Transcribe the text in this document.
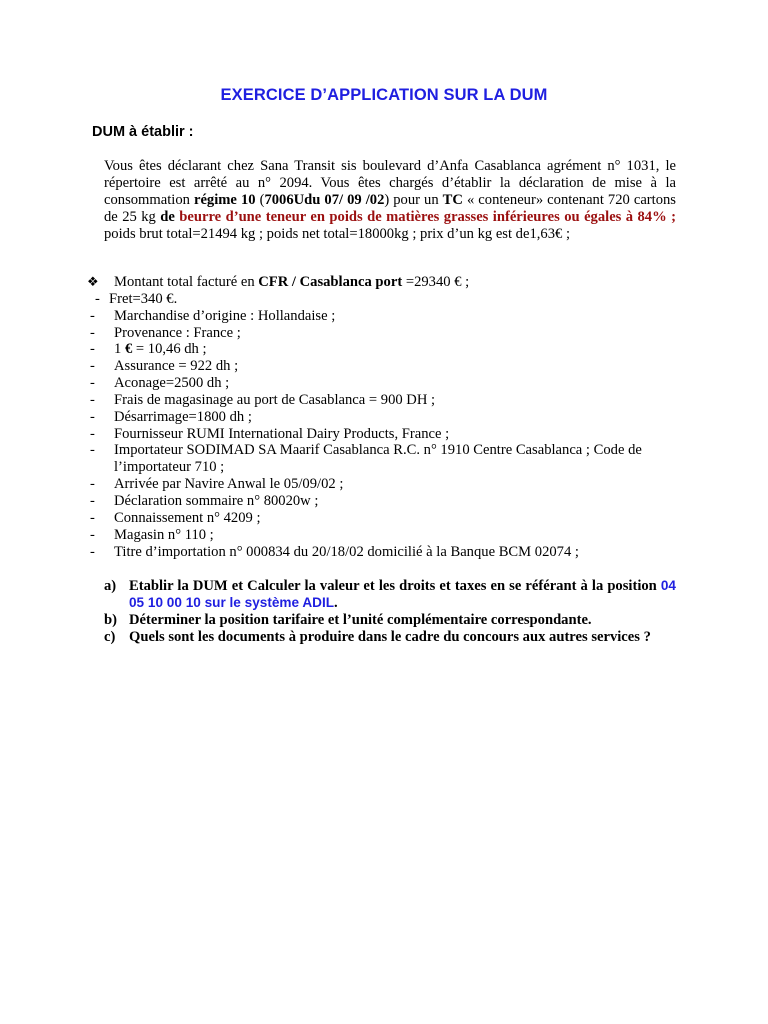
EXERCICE D’APPLICATION SUR LA DUM
DUM à établir :
Vous êtes déclarant chez Sana Transit sis boulevard d’Anfa Casablanca agrément n° 1031, le répertoire est arrêté au n° 2094. Vous êtes chargés d’établir la déclaration de mise à la consommation régime 10 (7006Udu 07/ 09 /02) pour un TC « conteneur» contenant 720 cartons de 25 kg de beurre d’une teneur en poids de matières grasses inférieures ou égales à 84% ; poids brut total=21494 kg ; poids net total=18000kg ; prix d’un kg est de1,63€ ;
❖ Montant total facturé en CFR / Casablanca port =29340 € ;
- Fret=340 €.
- Marchandise d’origine : Hollandaise ;
- Provenance : France ;
- 1 € = 10,46 dh ;
- Assurance = 922 dh ;
- Aconage=2500 dh ;
- Frais de magasinage au port de Casablanca = 900 DH ;
- Désarrimage=1800 dh ;
- Fournisseur RUMI International Dairy Products, France ;
- Importateur SODIMAD SA Maarif Casablanca R.C. n° 1910 Centre Casablanca ; Code de l’importateur 710 ;
- Arrivée par Navire Anwal le 05/09/02 ;
- Déclaration sommaire n° 80020w ;
- Connaissement n° 4209 ;
- Magasin n° 110 ;
- Titre d’importation n° 000834 du 20/18/02 domicilié à la Banque BCM 02074 ;
a) Etablir la DUM et Calculer la valeur et les droits et taxes en se référant à la position 04 05 10 00 10 sur le système ADIL.
b) Déterminer la position tarifaire et l’unité complémentaire correspondante.
c) Quels sont les documents à produire dans le cadre du concours aux autres services ?
